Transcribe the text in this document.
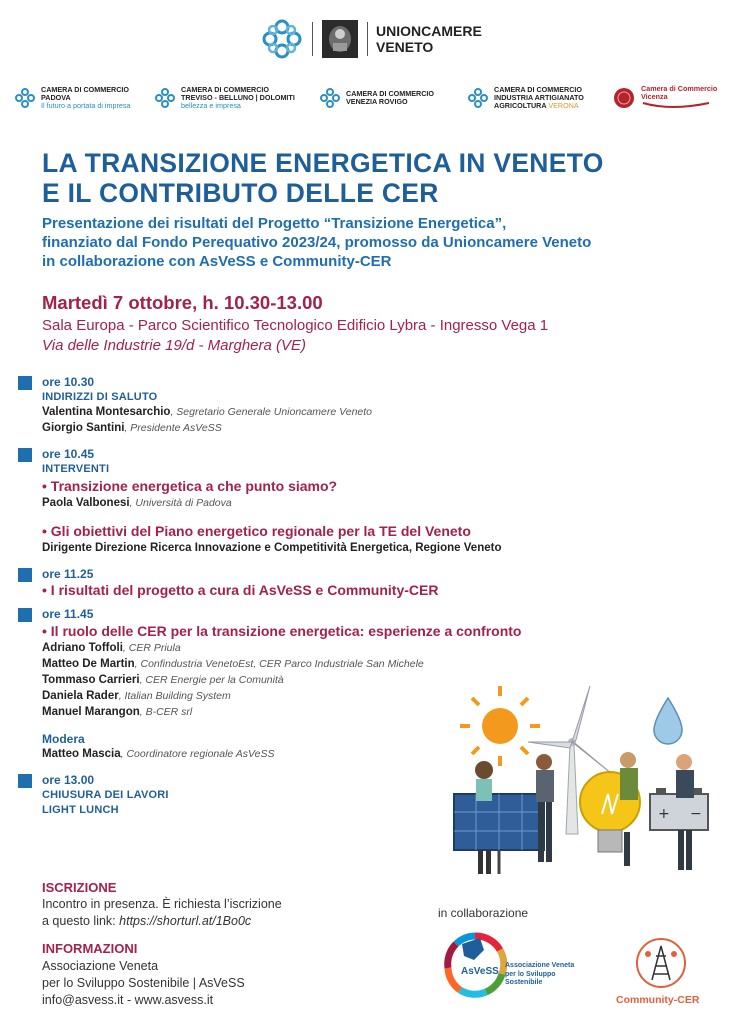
UNIONCAMERE
VENETO
CAMERA DI COMMERCIO
PADOVA
Il futuro a portata di impresa
CAMERA DI COMMERCIO
TREVISO - BELLUNO | DOLOMITI
bellezza e impresa
CAMERA DI COMMERCIO
VENEZIA ROVIGO
CAMERA DI COMMERCIO
INDUSTRIA ARTIGIANATO
AGRICOLTURA VERONA
Camera di Commercio
Vicenza
LA TRANSIZIONE ENERGETICA IN VENETO
E IL CONTRIBUTO DELLE CER
Presentazione dei risultati del Progetto “Transizione Energetica”,
finanziato dal Fondo Perequativo 2023/24, promosso da Unioncamere Veneto
in collaborazione con AsVeSS e Community-CER
Martedì 7 ottobre, h. 10.30-13.00
Sala Europa - Parco Scientifico Tecnologico Edificio Lybra - Ingresso Vega 1
Via delle Industrie 19/d - Marghera (VE)
ore 10.30
INDIRIZZI DI SALUTO
Valentina Montesarchio, Segretario Generale Unioncamere Veneto
Giorgio Santini, Presidente AsVeSS
ore 10.45
INTERVENTI
• Transizione energetica a che punto siamo?
Paola Valbonesi, Università di Padova
• Gli obiettivi del Piano energetico regionale per la TE del Veneto
Dirigente Direzione Ricerca Innovazione e Competitività Energetica, Regione Veneto
ore 11.25
• I risultati del progetto a cura di AsVeSS e Community-CER
ore 11.45
• Il ruolo delle CER per la transizione energetica: esperienze a confronto
Adriano Toffoli, CER Priula
Matteo De Martin, Confindustria VenetoEst, CER Parco Industriale San Michele
Tommaso Carrieri, CER Energie per la Comunità
Daniela Rader, Italian Building System
Manuel Marangon, B-CER srl
Modera
Matteo Mascia, Coordinatore regionale AsVeSS
ore 13.00
CHIUSURA DEI LAVORI
LIGHT LUNCH	+ −
ISCRIZIONE
Incontro in presenza. È richiesta l’iscrizione
a questo link: https://shorturl.at/1Bo0c
INFORMAZIONI
Associazione Veneta
per lo Sviluppo Sostenibile | AsVeSS
info@asvess.it - www.asvess.it
in collaborazione
AsVeSS
Associazione Veneta
per lo Sviluppo
Sostenibile
Community-CER
